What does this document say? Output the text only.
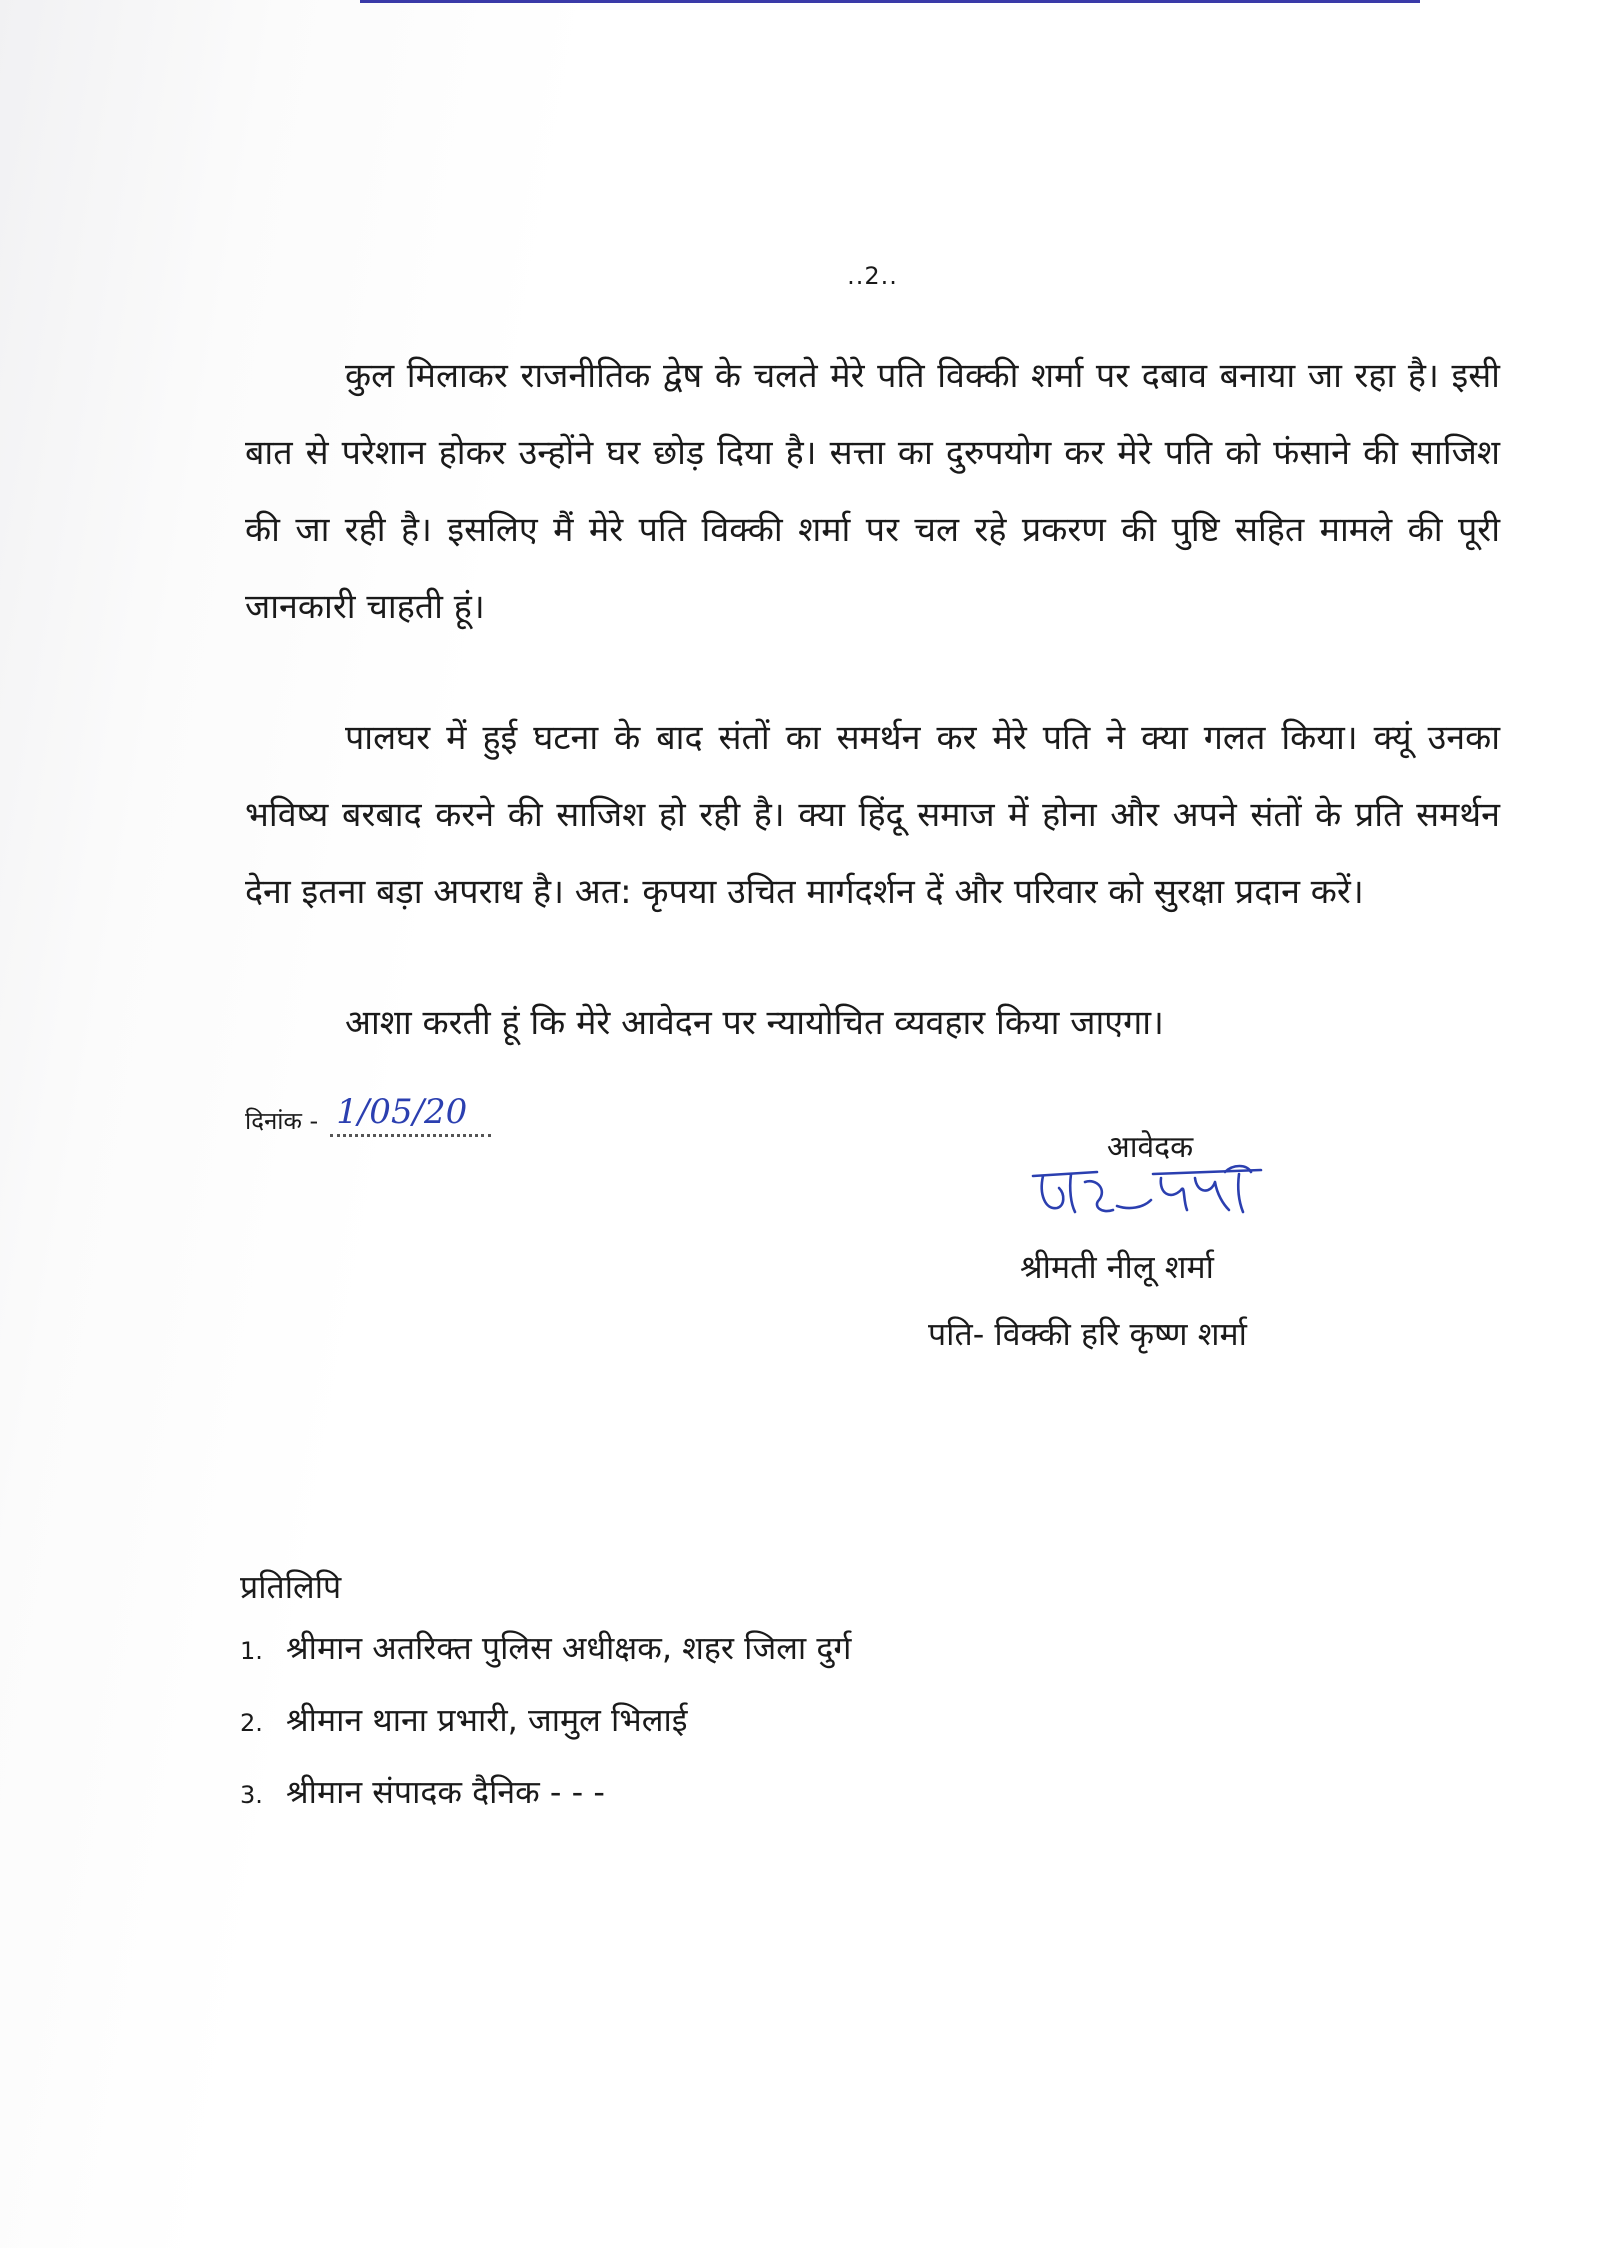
..2..

कुल मिलाकर राजनीतिक द्वेष के चलते मेरे पति विक्की शर्मा पर दबाव बनाया जा रहा है। इसी बात से परेशान होकर उन्होंने घर छोड़ दिया है। सत्ता का दुरुपयोग कर मेरे पति को फंसाने की साजिश की जा रही है। इसलिए मैं मेरे पति विक्की शर्मा पर चल रहे प्रकरण की पुष्टि सहित मामले की पूरी जानकारी चाहती हूं।

पालघर में हुई घटना के बाद संतों का समर्थन कर मेरे पति ने क्या गलत किया। क्यूं उनका भविष्य बरबाद करने की साजिश हो रही है। क्या हिंदू समाज में होना और अपने संतों के प्रति समर्थन देना इतना बड़ा अपराध है। अत: कृपया उचित मार्गदर्शन दें और परिवार को सुरक्षा प्रदान करें।

आशा करती हूं कि मेरे आवेदन पर न्यायोचित व्यवहार किया जाएगा।

दिनांक - 1/05/20
आवेदक
श्रीमती नीलू शर्मा
पति- विक्की हरि कृष्ण शर्मा
प्रतिलिपि
1. श्रीमान अतरिक्त पुलिस अधीक्षक, शहर जिला दुर्ग
2. श्रीमान थाना प्रभारी, जामुल भिलाई
3. श्रीमान संपादक दैनिक - - -
